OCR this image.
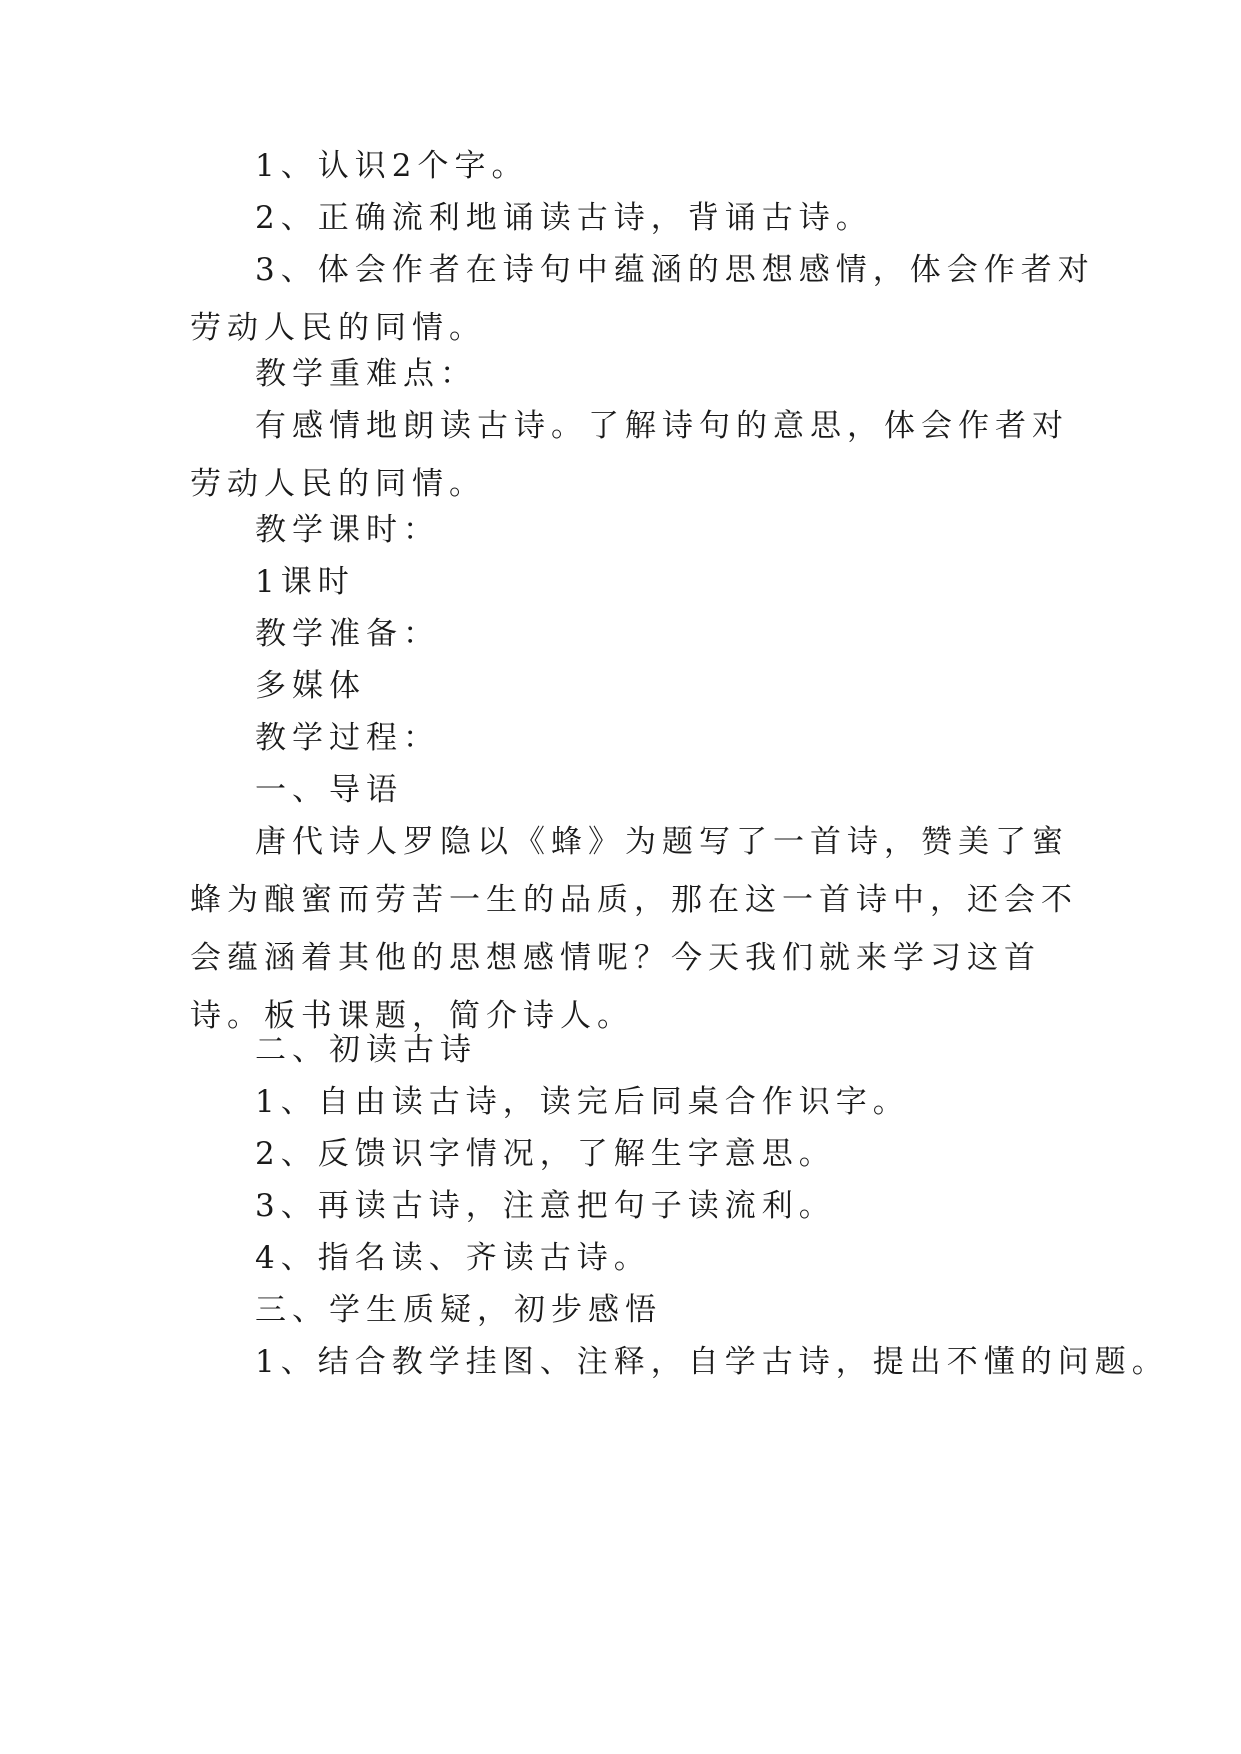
1、认识2个字。

2、正确流利地诵读古诗，背诵古诗。

3、体会作者在诗句中蕴涵的思想感情，体会作者对劳动人民的同情。

教学重难点：

有感情地朗读古诗。了解诗句的意思，体会作者对劳动人民的同情。

教学课时：

1课时

教学准备：

多媒体

教学过程：

一、导语

唐代诗人罗隐以《蜂》为题写了一首诗，赞美了蜜蜂为酿蜜而劳苦一生的品质，那在这一首诗中，还会不会蕴涵着其他的思想感情呢？今天我们就来学习这首诗。板书课题，简介诗人。

二、初读古诗

1、自由读古诗，读完后同桌合作识字。

2、反馈识字情况，了解生字意思。

3、再读古诗，注意把句子读流利。

4、指名读、齐读古诗。

三、学生质疑，初步感悟

1、结合教学挂图、注释，自学古诗，提出不懂的问题。
